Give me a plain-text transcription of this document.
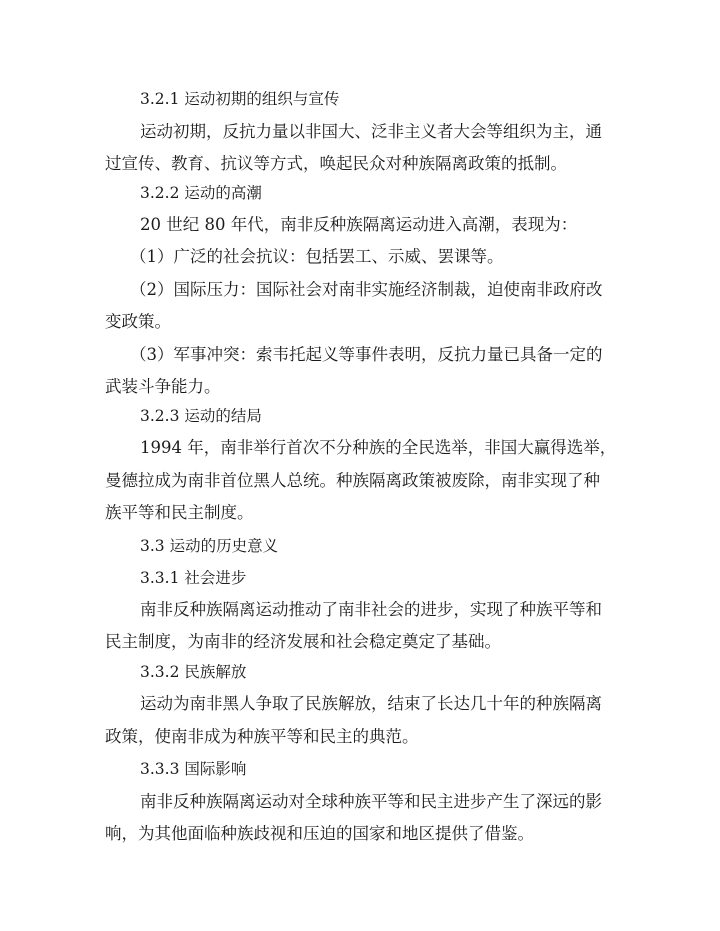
3.2.1 运动初期的组织与宣传

运动初期，反抗力量以非国大、泛非主义者大会等组织为主，通

过宣传、教育、抗议等方式，唤起民众对种族隔离政策的抵制。

3.2.2 运动的高潮

20 世纪 80 年代，南非反种族隔离运动进入高潮，表现为：

（1）广泛的社会抗议：包括罢工、示威、罢课等。

（2）国际压力：国际社会对南非实施经济制裁，迫使南非政府改

变政策。

（3）军事冲突：索韦托起义等事件表明，反抗力量已具备一定的

武装斗争能力。

3.2.3 运动的结局

1994 年，南非举行首次不分种族的全民选举，非国大赢得选举，

曼德拉成为南非首位黑人总统。种族隔离政策被废除，南非实现了种

族平等和民主制度。

3.3 运动的历史意义

3.3.1 社会进步

南非反种族隔离运动推动了南非社会的进步，实现了种族平等和

民主制度，为南非的经济发展和社会稳定奠定了基础。

3.3.2 民族解放

运动为南非黑人争取了民族解放，结束了长达几十年的种族隔离

政策，使南非成为种族平等和民主的典范。

3.3.3 国际影响

南非反种族隔离运动对全球种族平等和民主进步产生了深远的影

响，为其他面临种族歧视和压迫的国家和地区提供了借鉴。
